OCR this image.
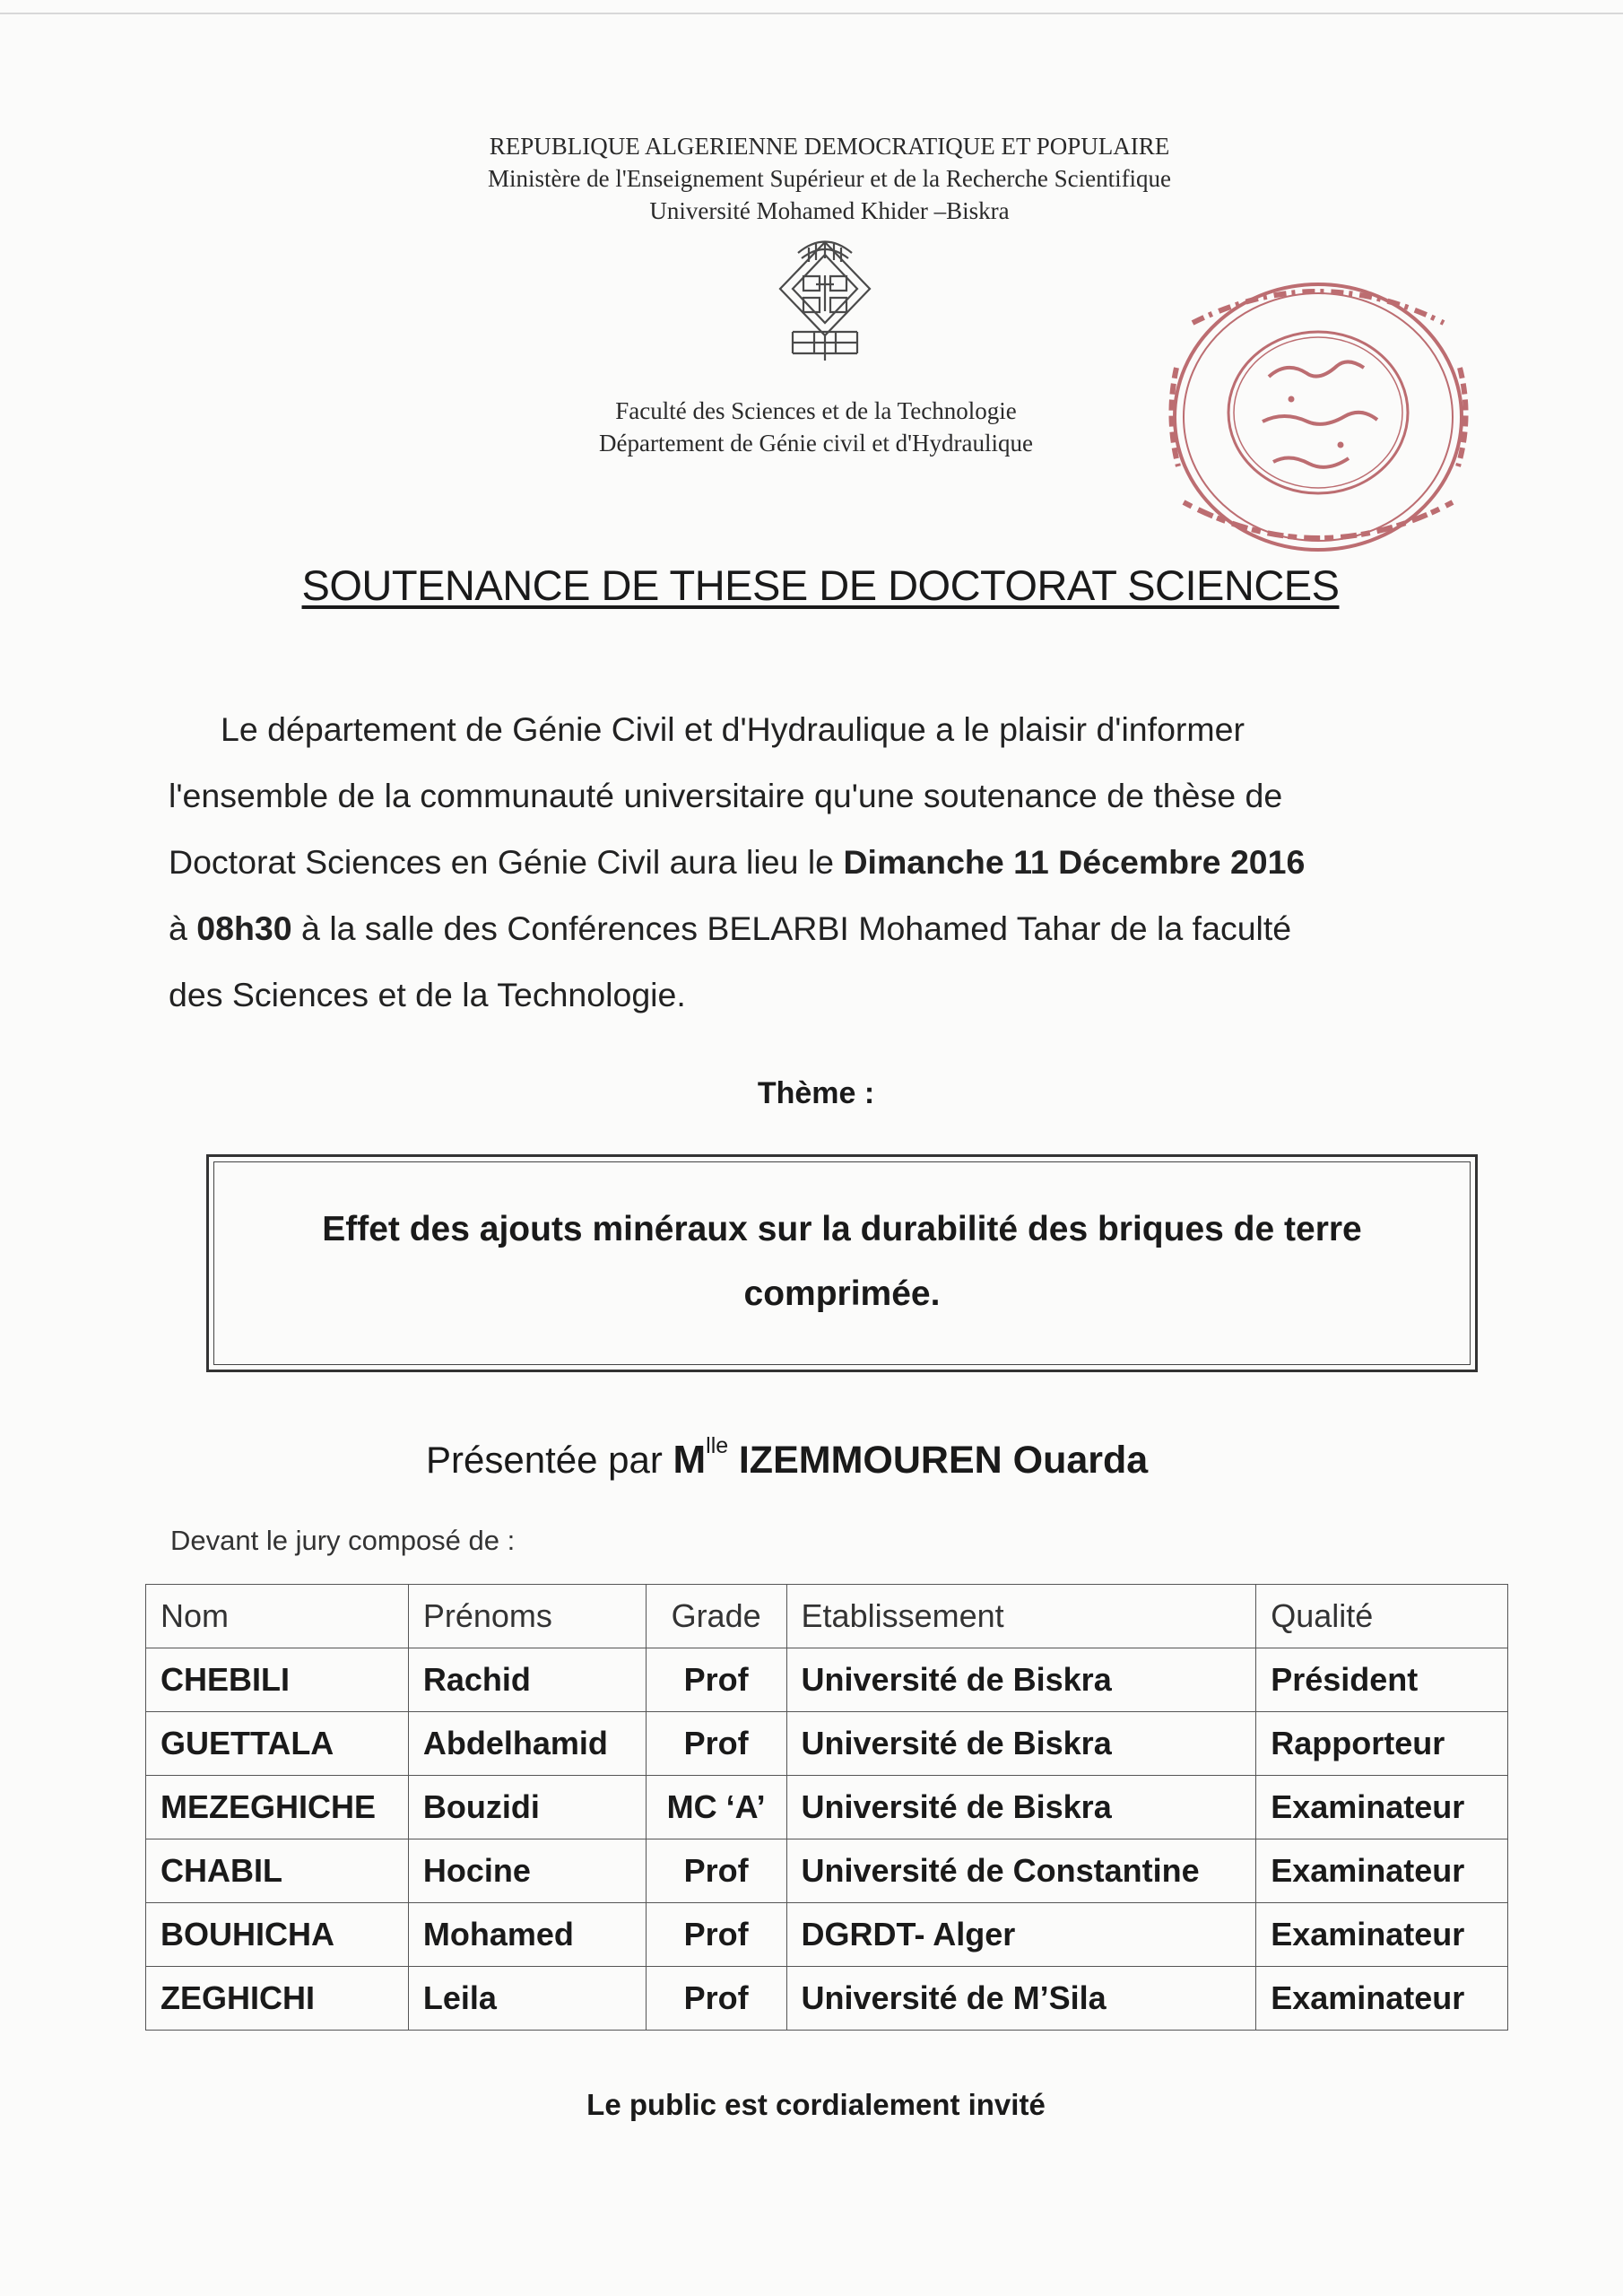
REPUBLIQUE ALGERIENNE DEMOCRATIQUE ET POPULAIRE
Ministère de l'Enseignement Supérieur et de la Recherche Scientifique
Université Mohamed Khider –Biskra
Faculté des Sciences et de la Technologie
Département de Génie civil et d'Hydraulique
SOUTENANCE DE THESE DE DOCTORAT SCIENCES
Le département de Génie Civil et d'Hydraulique a le plaisir d'informer
l'ensemble de la communauté universitaire qu'une soutenance de thèse de
Doctorat Sciences en Génie Civil aura lieu le Dimanche 11 Décembre 2016
à 08h30 à la salle des Conférences BELARBI Mohamed Tahar de la faculté
des Sciences et de la Technologie.
Thème :
Effet des ajouts minéraux sur la durabilité des briques de terre
comprimée.
Présentée par $M^{lle}$ IZEMMOUREN Ouarda
Devant le jury composé de :
Nom	Prénoms	Grade	Etablissement	Qualité
CHEBILI	Rachid	Prof	Université de Biskra	Président
GUETTALA	Abdelhamid	Prof	Université de Biskra	Rapporteur
MEZEGHICHE	Bouzidi	MC ‘A’	Université de Biskra	Examinateur
CHABIL	Hocine	Prof	Université de Constantine	Examinateur
BOUHICHA	Mohamed	Prof	DGRDT- Alger	Examinateur
ZEGHICHI	Leila	Prof	Université de M’Sila	Examinateur
Le public est cordialement invité
